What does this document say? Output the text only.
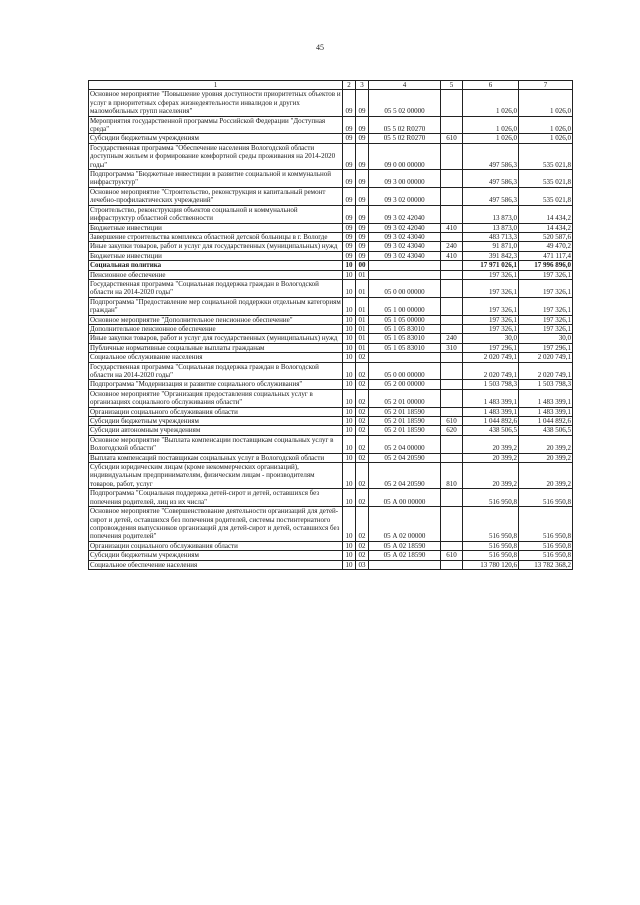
45
1	2	3	4	5	6	7
Основное мероприятие "Повышение уровня доступности приоритетных объектов и услуг в приоритетных сферах жизнедеятельности инвалидов и других маломобильных групп населения"	09	09	05 5 02 00000		1 026,0	1 026,0
Мероприятия государственной программы Российской Федерации "Доступная среда"	09	09	05 5 02 R0270		1 026,0	1 026,0
Субсидии бюджетным учреждениям	09	09	05 5 02 R0270	610	1 026,0	1 026,0
Государственная программа "Обеспечение населения Вологодской области доступным жильем и формирование комфортной среды проживания на 2014-2020 годы"	09	09	09 0 00 00000		497 586,3	535 021,8
Подпрограмма "Бюджетные инвестиции в развитие социальной и коммунальной инфраструктур"	09	09	09 3 00 00000		497 586,3	535 021,8
Основное мероприятие "Строительство, реконструкция и капитальный ремонт лечебно-профилактических учреждений"	09	09	09 3 02 00000		497 586,3	535 021,8
Строительство, реконструкция объектов социальной и коммунальной инфраструктур областной собственности	09	09	09 3 02 42040		13 873,0	14 434,2
Бюджетные инвестиции	09	09	09 3 02 42040	410	13 873,0	14 434,2
Завершение строительства комплекса областной детской больницы в г. Вологде	09	09	09 3 02 43040		483 713,3	520 587,6
Иные закупки товаров, работ и услуг для государственных (муниципальных) нужд	09	09	09 3 02 43040	240	91 871,0	49 470,2
Бюджетные инвестиции	09	09	09 3 02 43040	410	391 842,3	471 117,4
Социальная политика	10	00			17 971 026,1	17 996 896,0
Пенсионное обеспечение	10	01			197 326,1	197 326,1
Государственная программа "Социальная поддержка граждан в Вологодской области на 2014-2020 годы"	10	01	05 0 00 00000		197 326,1	197 326,1
Подпрограмма "Предоставление мер социальной поддержки отдельным категориям граждан"	10	01	05 1 00 00000		197 326,1	197 326,1
Основное мероприятие "Дополнительное пенсионное обеспечение"	10	01	05 1 05 00000		197 326,1	197 326,1
Дополнительное пенсионное обеспечение	10	01	05 1 05 83010		197 326,1	197 326,1
Иные закупки товаров, работ и услуг для государственных (муниципальных) нужд	10	01	05 1 05 83010	240	30,0	30,0
Публичные нормативные социальные выплаты гражданам	10	01	05 1 05 83010	310	197 296,1	197 296,1
Социальное обслуживание населения	10	02			2 020 749,1	2 020 749,1
Государственная программа "Социальная поддержка граждан в Вологодской области на 2014-2020 годы"	10	02	05 0 00 00000		2 020 749,1	2 020 749,1
Подпрограмма "Модернизация и развитие социального обслуживания"	10	02	05 2 00 00000		1 503 798,3	1 503 798,3
Основное мероприятие "Организация предоставления социальных услуг в организациях социального обслуживания области"	10	02	05 2 01 00000		1 483 399,1	1 483 399,1
Организации социального обслуживания области	10	02	05 2 01 18590		1 483 399,1	1 483 399,1
Субсидии бюджетным учреждениям	10	02	05 2 01 18590	610	1 044 892,6	1 044 892,6
Субсидии автономным учреждениям	10	02	05 2 01 18590	620	438 506,5	438 506,5
Основное мероприятие "Выплата компенсации поставщикам социальных услуг в Вологодской области"	10	02	05 2 04 00000		20 399,2	20 399,2
Выплата компенсаций поставщикам социальных услуг в Вологодской области	10	02	05 2 04 20590		20 399,2	20 399,2
Субсидии юридическим лицам (кроме некоммерческих организаций), индивидуальным предпринимателям, физическим лицам - производителям товаров, работ, услуг	10	02	05 2 04 20590	810	20 399,2	20 399,2
Подпрограмма "Социальная поддержка детей-сирот и детей, оставшихся без попечения родителей, лиц из их числа"	10	02	05 А 00 00000		516 950,8	516 950,8
Основное мероприятие "Совершенствование деятельности организаций для детей-сирот и детей, оставшихся без попечения родителей, системы постинтернатного сопровождения выпускников организаций для детей-сирот и детей, оставшихся без попечения родителей"	10	02	05 А 02 00000		516 950,8	516 950,8
Организации социального обслуживания области	10	02	05 А 02 18590		516 950,8	516 950,8
Субсидии бюджетным учреждениям	10	02	05 А 02 18590	610	516 950,8	516 950,8
Социальное обеспечение населения	10	03			13 780 120,6	13 782 368,2
